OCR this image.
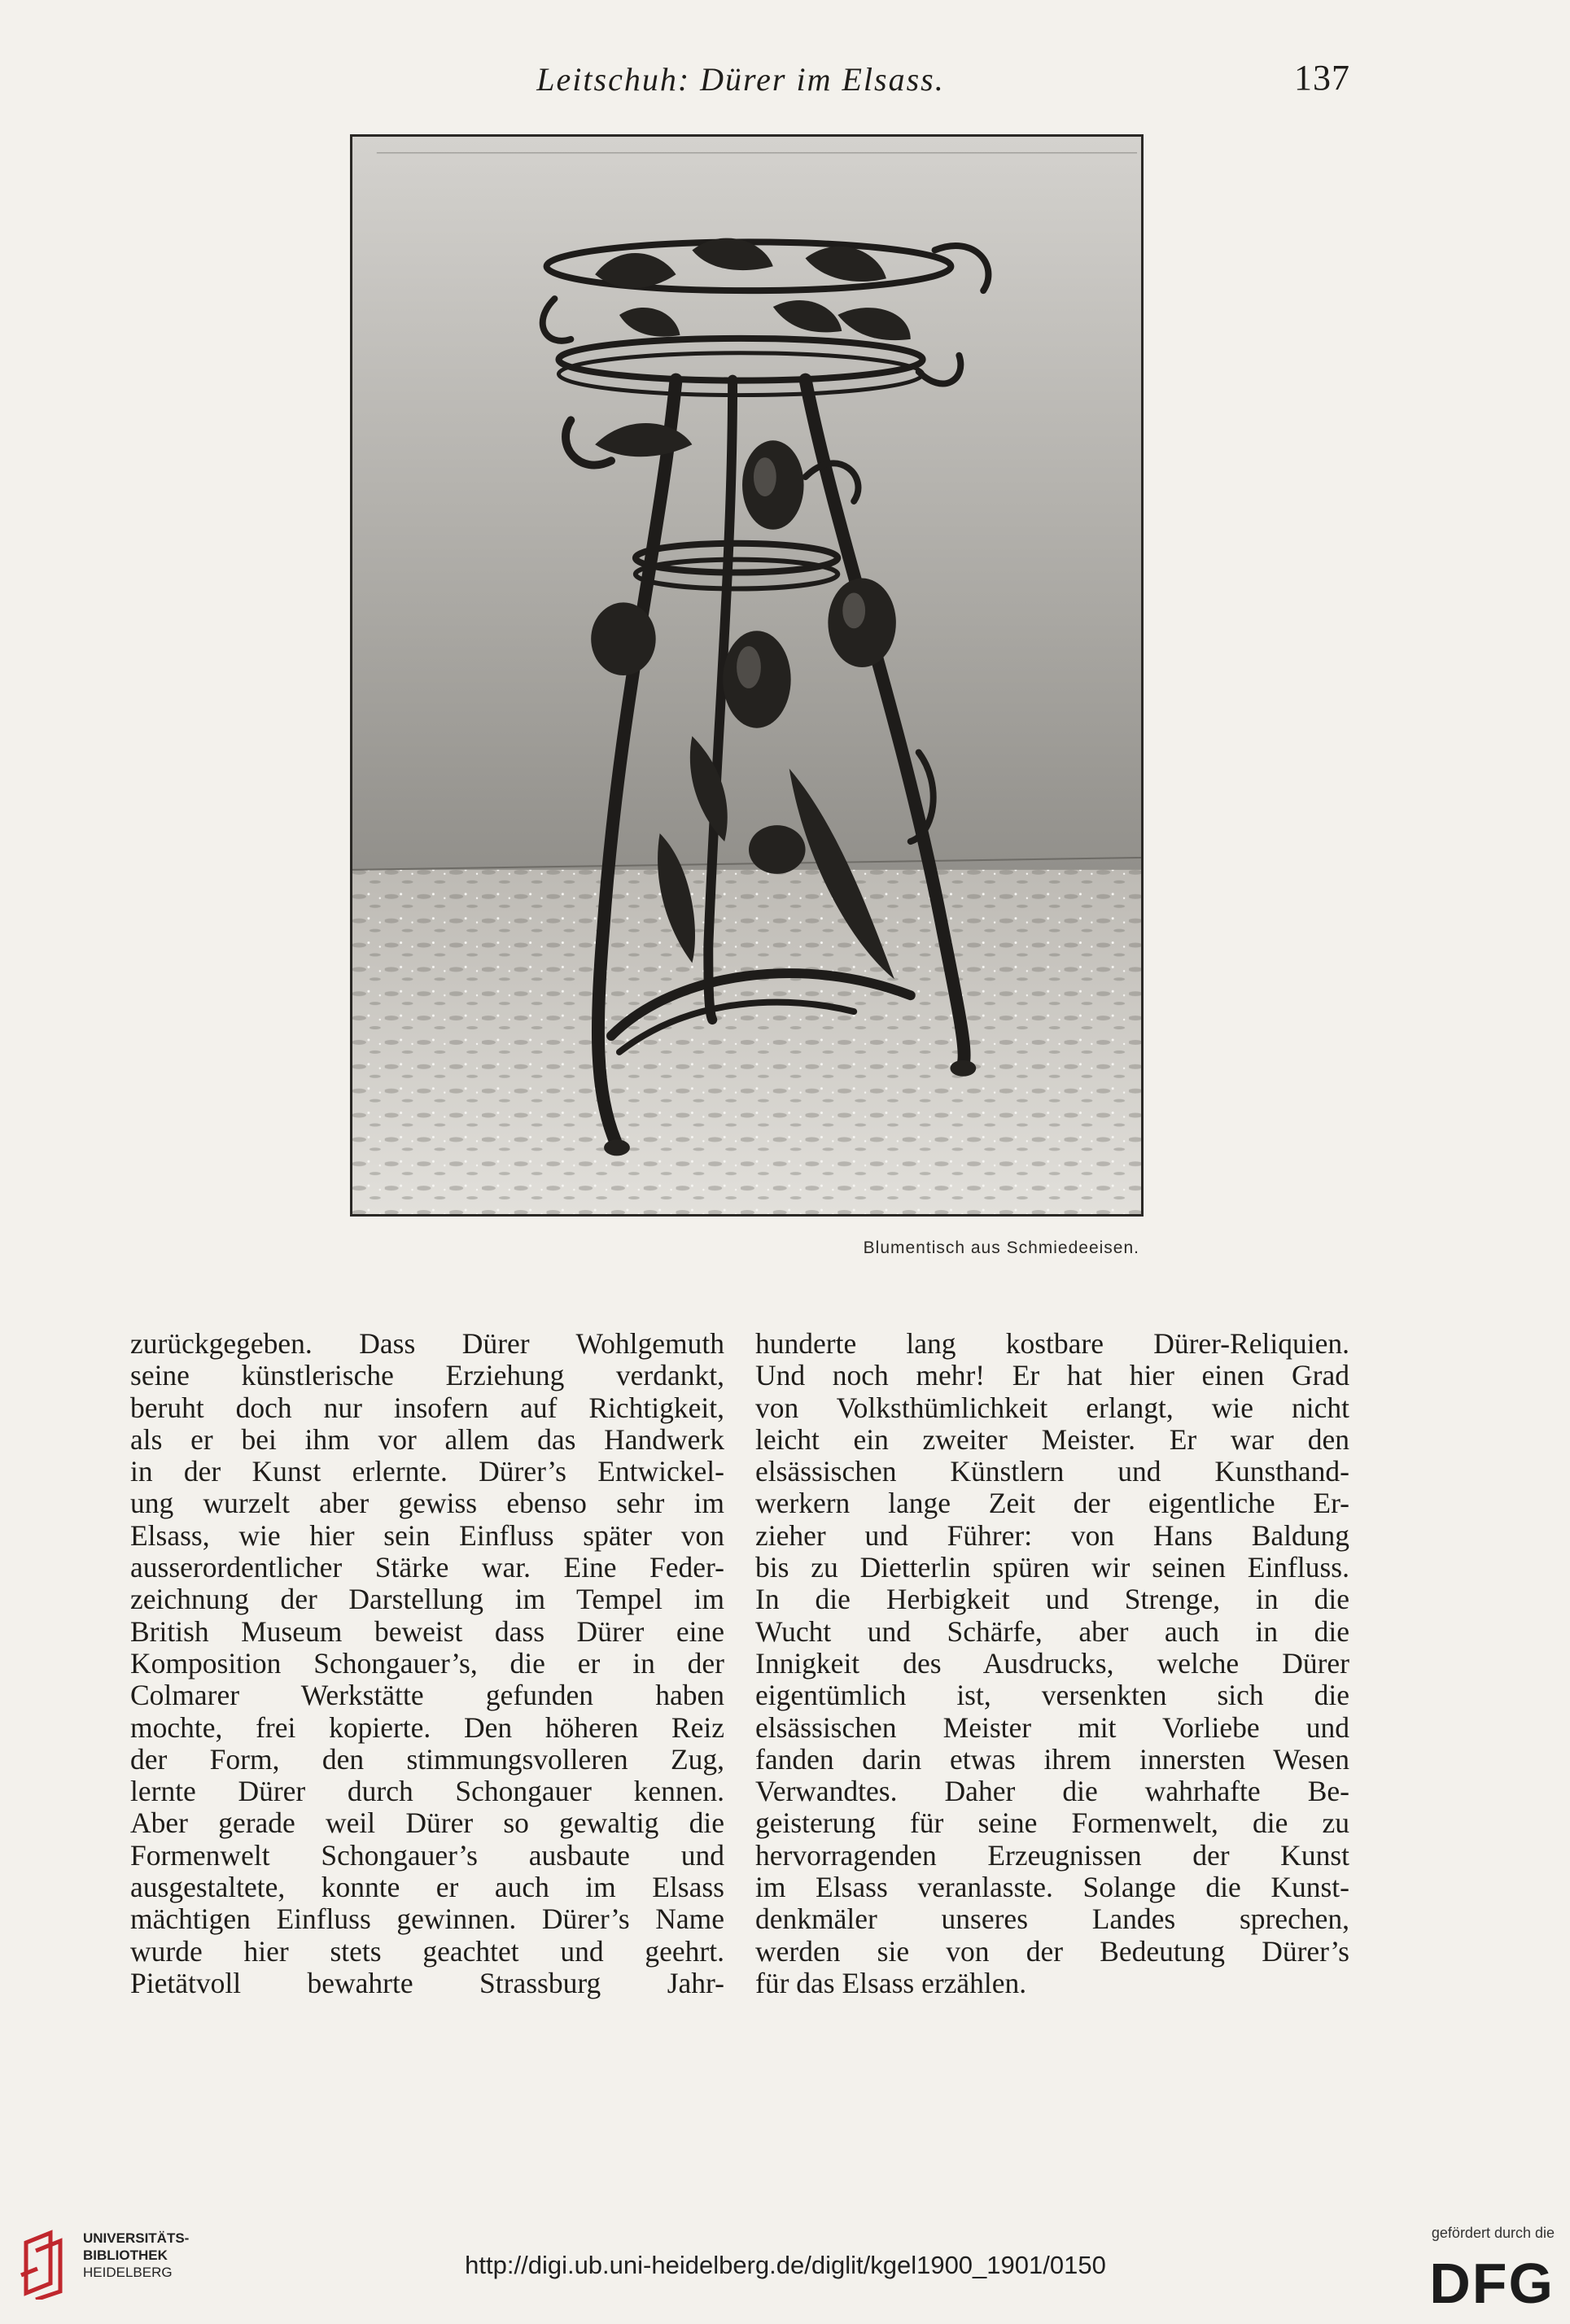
Leitschuh: Dürer im Elsass.	137
Blumentisch aus Schmiedeeisen.
zurückgegeben. Dass Dürer Wohlgemuth
seine künstlerische Erziehung verdankt,
beruht doch nur insofern auf Richtigkeit,
als er bei ihm vor allem das Handwerk
in der Kunst erlernte. Dürer’s Entwickel-
ung wurzelt aber gewiss ebenso sehr im
Elsass, wie hier sein Einfluss später von
ausserordentlicher Stärke war. Eine Feder-
zeichnung der Darstellung im Tempel im
British Museum beweist dass Dürer eine
Komposition Schongauer’s, die er in der
Colmarer Werkstätte gefunden haben
mochte, frei kopierte. Den höheren Reiz
der Form, den stimmungsvolleren Zug,
lernte Dürer durch Schongauer kennen.
Aber gerade weil Dürer so gewaltig die
Formenwelt Schongauer’s ausbaute und
ausgestaltete, konnte er auch im Elsass
mächtigen Einfluss gewinnen. Dürer’s Name
wurde hier stets geachtet und geehrt.
Pietätvoll bewahrte Strassburg Jahr-
hunderte lang kostbare Dürer-Reliquien.
Und noch mehr! Er hat hier einen Grad
von Volksthümlichkeit erlangt, wie nicht
leicht ein zweiter Meister. Er war den
elsässischen Künstlern und Kunsthand-
werkern lange Zeit der eigentliche Er-
zieher und Führer: von Hans Baldung
bis zu Dietterlin spüren wir seinen Einfluss.
In die Herbigkeit und Strenge, in die
Wucht und Schärfe, aber auch in die
Innigkeit des Ausdrucks, welche Dürer
eigentümlich ist, versenkten sich die
elsässischen Meister mit Vorliebe und
fanden darin etwas ihrem innersten Wesen
Verwandtes. Daher die wahrhafte Be-
geisterung für seine Formenwelt, die zu
hervorragenden Erzeugnissen der Kunst
im Elsass veranlasste. Solange die Kunst-
denkmäler unseres Landes sprechen,
werden sie von der Bedeutung Dürer’s
für das Elsass erzählen.
UNIVERSITÄTS-
BIBLIOTHEK
HEIDELBERG	http://digi.ub.uni-heidelberg.de/diglit/kgel1900_1901/0150
gefördert durch die
DFG
